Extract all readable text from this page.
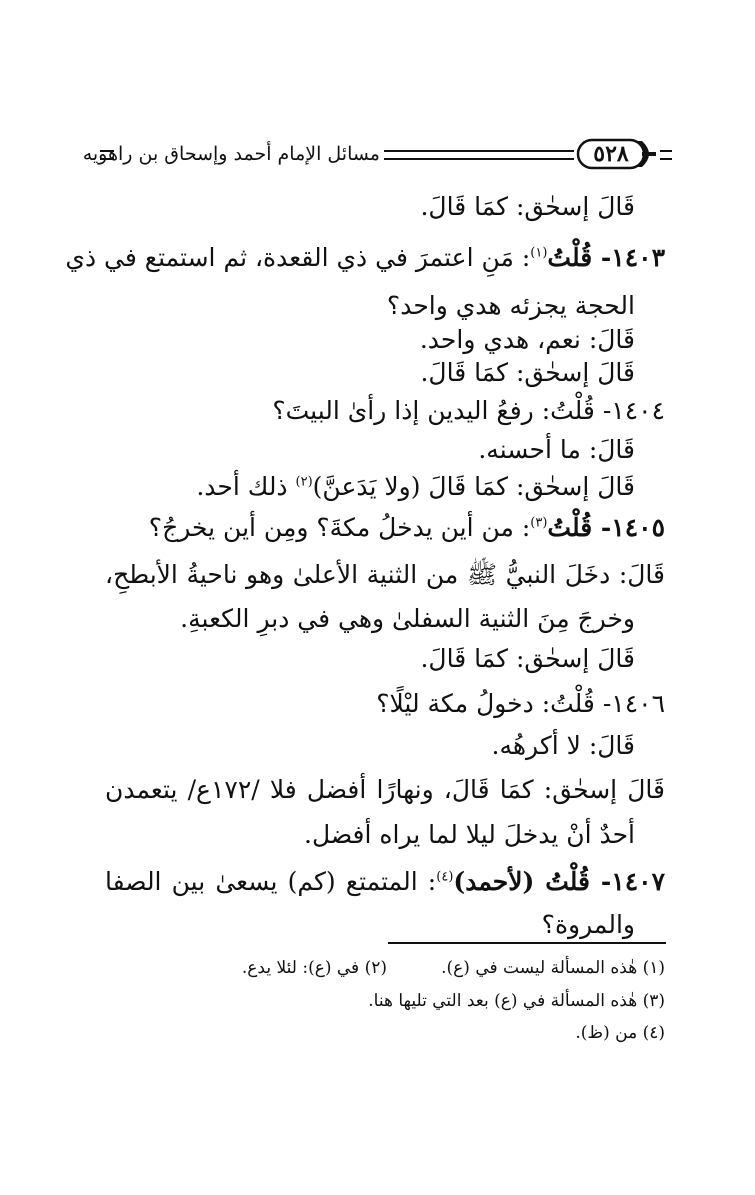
مسائل الإمام أحمد وإسحاق بن راهويه	٥٢٨
قَالَ إسحٰق: كمَا قَالَ.
١٤٠٣- قُلْتُ$^{(١)}$: مَنِ اعتمرَ في ذي القعدة، ثم استمتع في ذي
الحجة يجزئه هدي واحد؟
قَالَ: نعم، هدي واحد.
قَالَ إسحٰق: كمَا قَالَ.
١٤٠٤- قُلْتُ: رفعُ اليدين إذا رأىٰ البيتَ؟
قَالَ: ما أحسنه.
قَالَ إسحٰق: كمَا قَالَ (ولا يَدَعنَّ)$^{(٢)}$ ذلك أحد.
١٤٠٥- قُلْتُ$^{(٣)}$: من أين يدخلُ مكةَ؟ ومِن أين يخرجُ؟
قَالَ: دخَلَ النبيُّ ﷺ من الثنية الأعلىٰ وهو ناحيةُ الأبطحِ،
وخرجَ مِنَ الثنية السفلىٰ وهي في دبرِ الكعبةِ.
قَالَ إسحٰق: كمَا قَالَ.
١٤٠٦- قُلْتُ: دخولُ مكة ليْلًا؟
قَالَ: لا أكرهُه.
قَالَ إسحٰق: كمَا قَالَ، ونهارًا أفضل فلا /١٧٢ع/ يتعمدن
أحدٌ أنْ يدخلَ ليلا لما يراه أفضل.
١٤٠٧- قُلْتُ (لأحمد)$^{(٤)}$: المتمتع (كم) يسعىٰ بين الصفا
والمروة؟
(١) هٰذه المسألة ليست في (ع).
(٢) في (ع): لئلا يدع.
(٣) هٰذه المسألة في (ع) بعد التي تليها هنا.
(٤) من (ظ).
